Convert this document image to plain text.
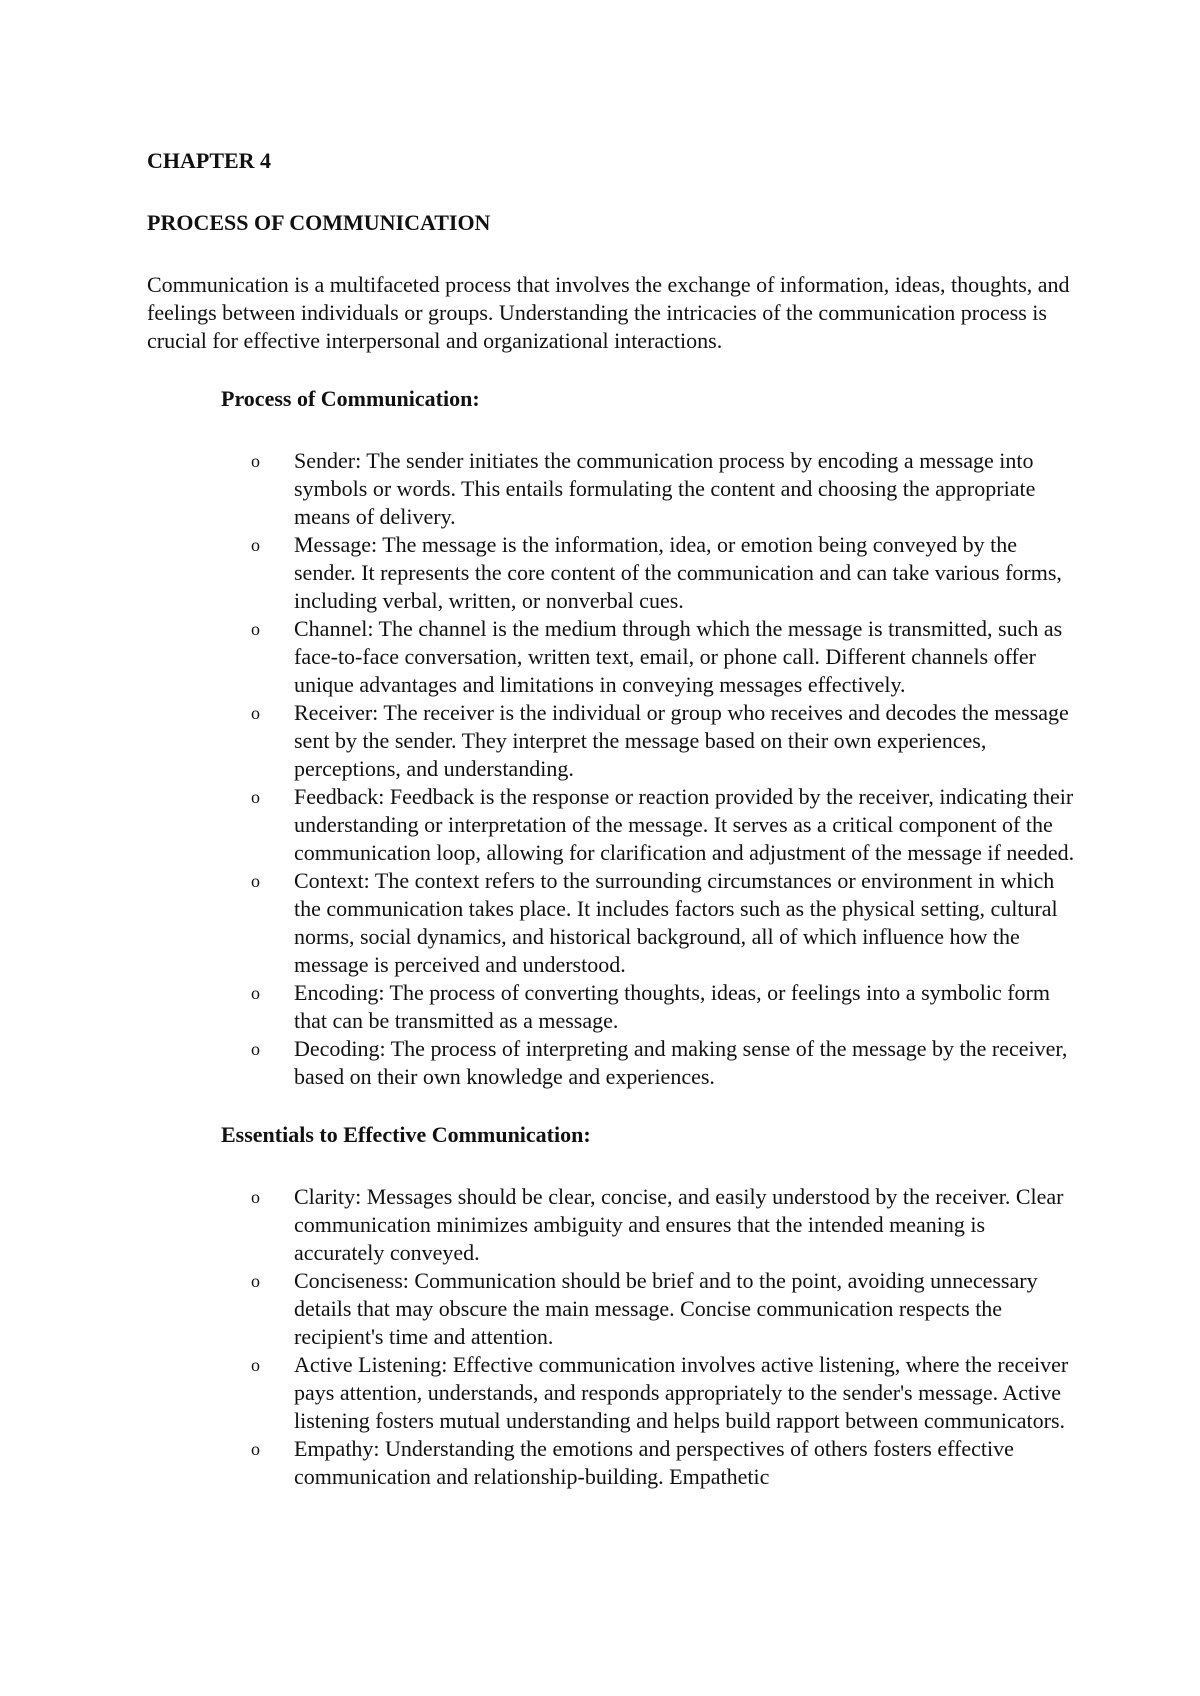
CHAPTER 4

PROCESS OF COMMUNICATION

Communication is a multifaceted process that involves the exchange of information, ideas, thoughts, and feelings between individuals or groups. Understanding the intricacies of the communication process is crucial for effective interpersonal and organizational interactions.

Process of Communication:

o Sender: The sender initiates the communication process by encoding a message into symbols or words. This entails formulating the content and choosing the appropriate means of delivery.
o Message: The message is the information, idea, or emotion being conveyed by the sender. It represents the core content of the communication and can take various forms, including verbal, written, or nonverbal cues.
o Channel: The channel is the medium through which the message is transmitted, such as face-to-face conversation, written text, email, or phone call. Different channels offer unique advantages and limitations in conveying messages effectively.
o Receiver: The receiver is the individual or group who receives and decodes the message sent by the sender. They interpret the message based on their own experiences, perceptions, and understanding.
o Feedback: Feedback is the response or reaction provided by the receiver, indicating their understanding or interpretation of the message. It serves as a critical component of the communication loop, allowing for clarification and adjustment of the message if needed.
o Context: The context refers to the surrounding circumstances or environment in which the communication takes place. It includes factors such as the physical setting, cultural norms, social dynamics, and historical background, all of which influence how the message is perceived and understood.
o Encoding: The process of converting thoughts, ideas, or feelings into a symbolic form that can be transmitted as a message.
o Decoding: The process of interpreting and making sense of the message by the receiver, based on their own knowledge and experiences.

Essentials to Effective Communication:

o Clarity: Messages should be clear, concise, and easily understood by the receiver. Clear communication minimizes ambiguity and ensures that the intended meaning is accurately conveyed.
o Conciseness: Communication should be brief and to the point, avoiding unnecessary details that may obscure the main message. Concise communication respects the recipient's time and attention.
o Active Listening: Effective communication involves active listening, where the receiver pays attention, understands, and responds appropriately to the sender's message. Active listening fosters mutual understanding and helps build rapport between communicators.
o Empathy: Understanding the emotions and perspectives of others fosters effective communication and relationship-building. Empathetic
